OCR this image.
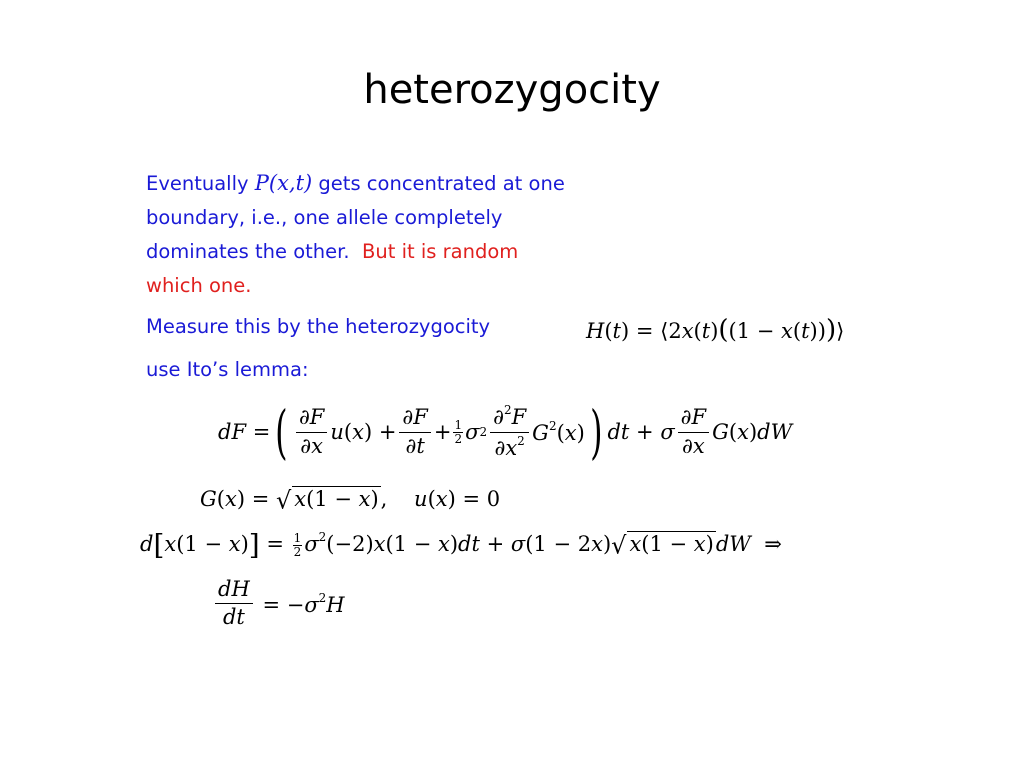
heterozygocity
Eventually P(x,t) gets concentrated at one
boundary, i.e., one allele completely
dominates the other. But it is random
which one.
Measure this by the heterozygocity	H(t) = ⟨2x(t)((1 − x(t)))⟩
use Ito’s lemma:
dF = ( $\frac{\partial F}{\partial x} u(x) + \frac{\partial F}{\partial t} + \frac{1}{2}$ σ $2 \frac{\partial^2F}{\partial x^2} G^2(x)$ ) dt + σ $\frac{\partial F}{\partial x} G(x)dW$
G(x) = √ x(1 − x),    u(x) = 0
$d[x(1 - x)] = \frac{1}{2} \sigma^2(-2)x(1 - x)dt + \sigma(1 - 2x)√$ x(1 − x)dW  ⇒
$\frac{dH}{dt} = -\sigma^2H$
